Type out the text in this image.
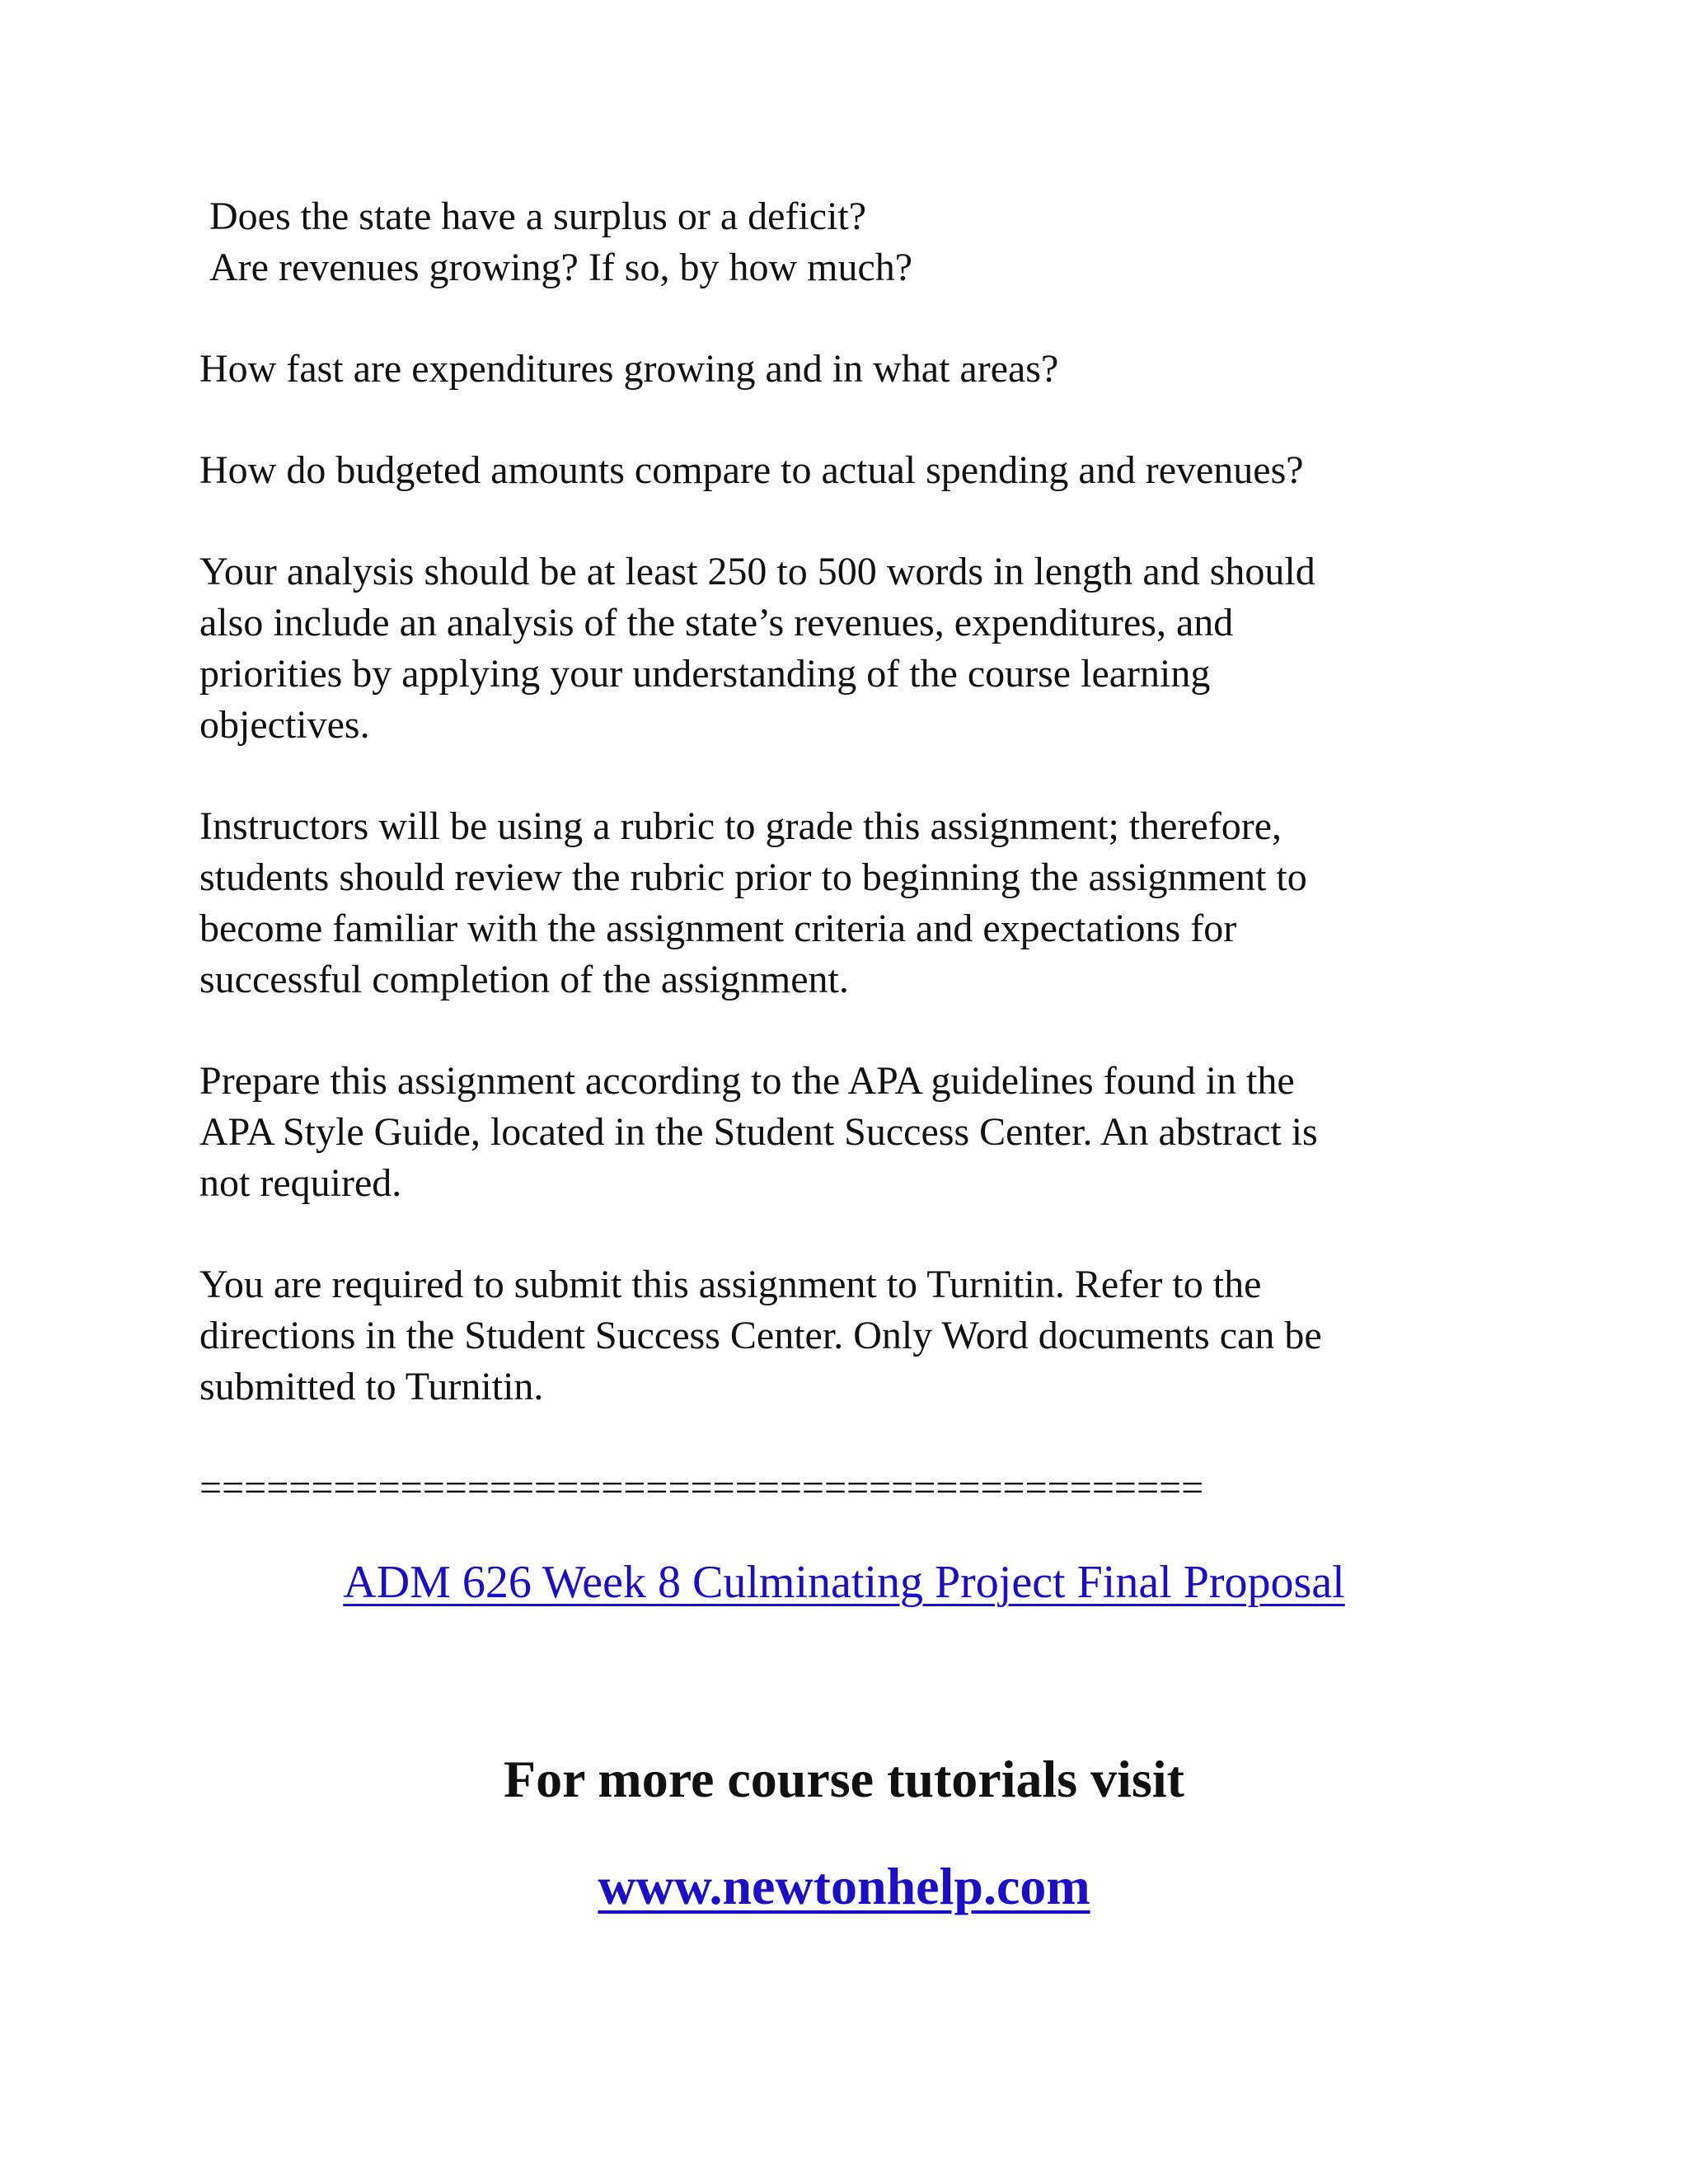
Does the state have a surplus or a deficit?
Are revenues growing? If so, by how much?
How fast are expenditures growing and in what areas?
How do budgeted amounts compare to actual spending and revenues?
Your analysis should be at least 250 to 500 words in length and should
also include an analysis of the state’s revenues, expenditures, and
priorities by applying your understanding of the course learning
objectives.
Instructors will be using a rubric to grade this assignment; therefore,
students should review the rubric prior to beginning the assignment to
become familiar with the assignment criteria and expectations for
successful completion of the assignment.
Prepare this assignment according to the APA guidelines found in the
APA Style Guide, located in the Student Success Center. An abstract is
not required.
You are required to submit this assignment to Turnitin. Refer to the
directions in the Student Success Center. Only Word documents can be
submitted to Turnitin.
=============================================
ADM 626 Week 8 Culminating Project Final Proposal
For more course tutorials visit
www.newtonhelp.com
